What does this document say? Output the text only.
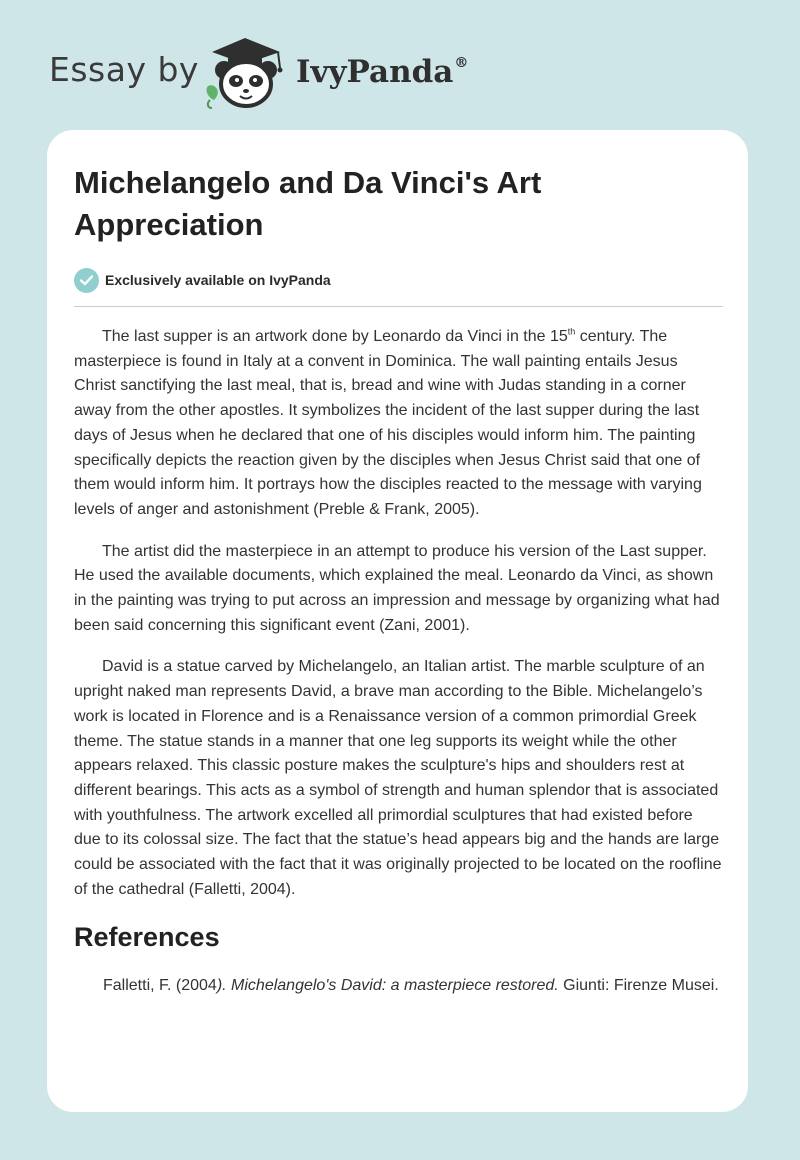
Essay by	IvyPanda®
Michelangelo and Da Vinci's Art Appreciation
Exclusively available on IvyPanda

The last supper is an artwork done by Leonardo da Vinci in the 15th century. The masterpiece is found in Italy at a convent in Dominica. The wall painting entails Jesus Christ sanctifying the last meal, that is, bread and wine with Judas standing in a corner away from the other apostles. It symbolizes the incident of the last supper during the last days of Jesus when he declared that one of his disciples would inform him. The painting specifically depicts the reaction given by the disciples when Jesus Christ said that one of them would inform him. It portrays how the disciples reacted to the message with varying levels of anger and astonishment (Preble & Frank, 2005).

The artist did the masterpiece in an attempt to produce his version of the Last supper. He used the available documents, which explained the meal. Leonardo da Vinci, as shown in the painting was trying to put across an impression and message by organizing what had been said concerning this significant event (Zani, 2001).

David is a statue carved by Michelangelo, an Italian artist. The marble sculpture of an upright naked man represents David, a brave man according to the Bible. Michelangelo’s work is located in Florence and is a Renaissance version of a common primordial Greek theme. The statue stands in a manner that one leg supports its weight while the other appears relaxed. This classic posture makes the sculpture's hips and shoulders rest at different bearings. This acts as a symbol of strength and human splendor that is associated with youthfulness. The artwork excelled all primordial sculptures that had existed before due to its colossal size. The fact that the statue’s head appears big and the hands are large could be associated with the fact that it was originally projected to be located on the roofline of the cathedral (Falletti, 2004).

References

Falletti, F. (2004). Michelangelo's David: a masterpiece restored. Giunti: Firenze Musei.
